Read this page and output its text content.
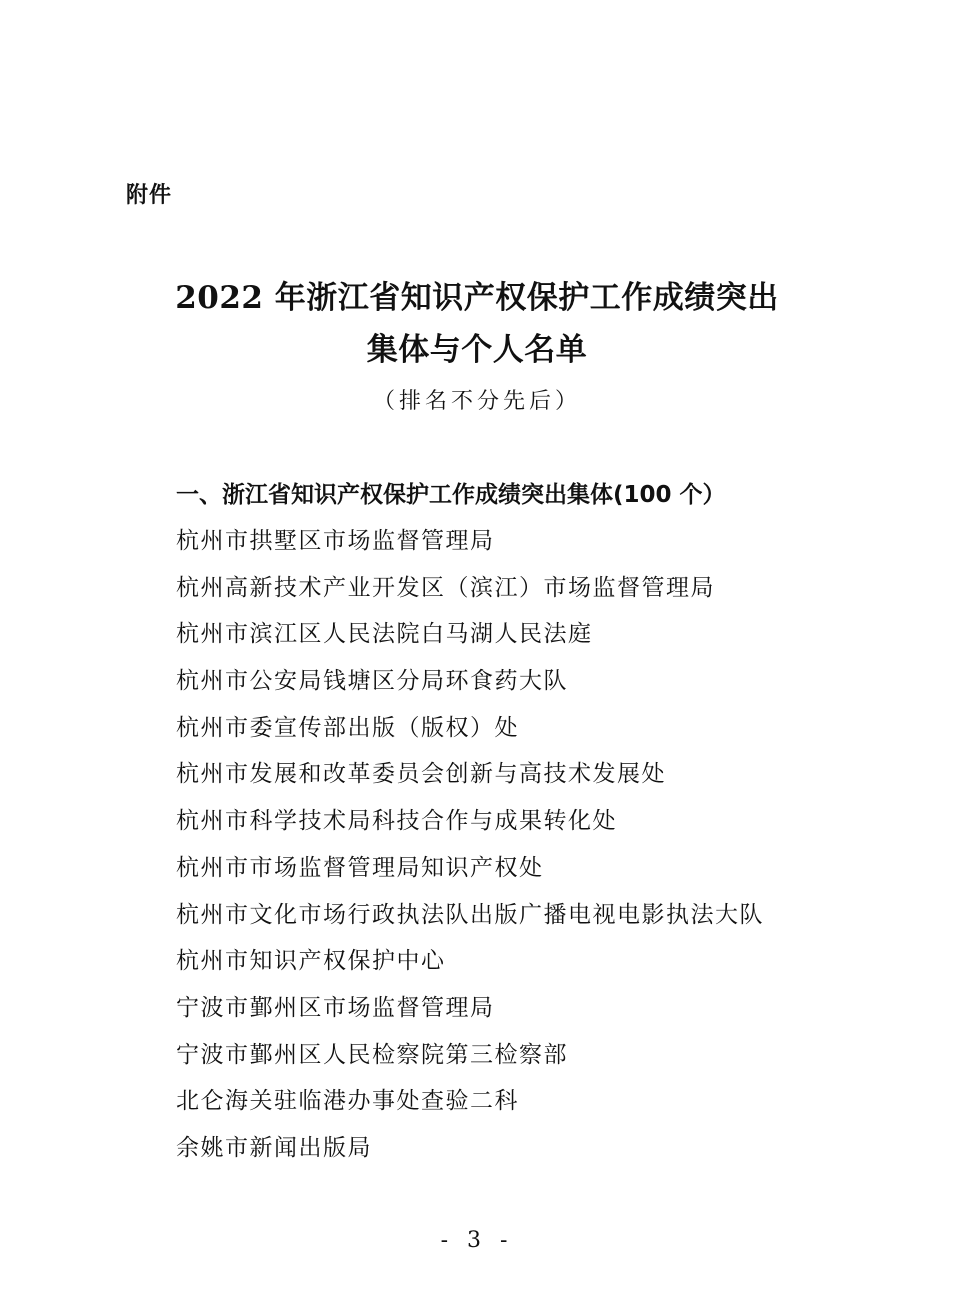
附件
2022 年浙江省知识产权保护工作成绩突出
集体与个人名单
（排名不分先后）
一、浙江省知识产权保护工作成绩突出集体(100 个）
杭州市拱墅区市场监督管理局
杭州高新技术产业开发区（滨江）市场监督管理局
杭州市滨江区人民法院白马湖人民法庭
杭州市公安局钱塘区分局环食药大队
杭州市委宣传部出版（版权）处
杭州市发展和改革委员会创新与高技术发展处
杭州市科学技术局科技合作与成果转化处
杭州市市场监督管理局知识产权处
杭州市文化市场行政执法队出版广播电视电影执法大队
杭州市知识产权保护中心
宁波市鄞州区市场监督管理局
宁波市鄞州区人民检察院第三检察部
北仑海关驻临港办事处查验二科
余姚市新闻出版局
- 3 -
